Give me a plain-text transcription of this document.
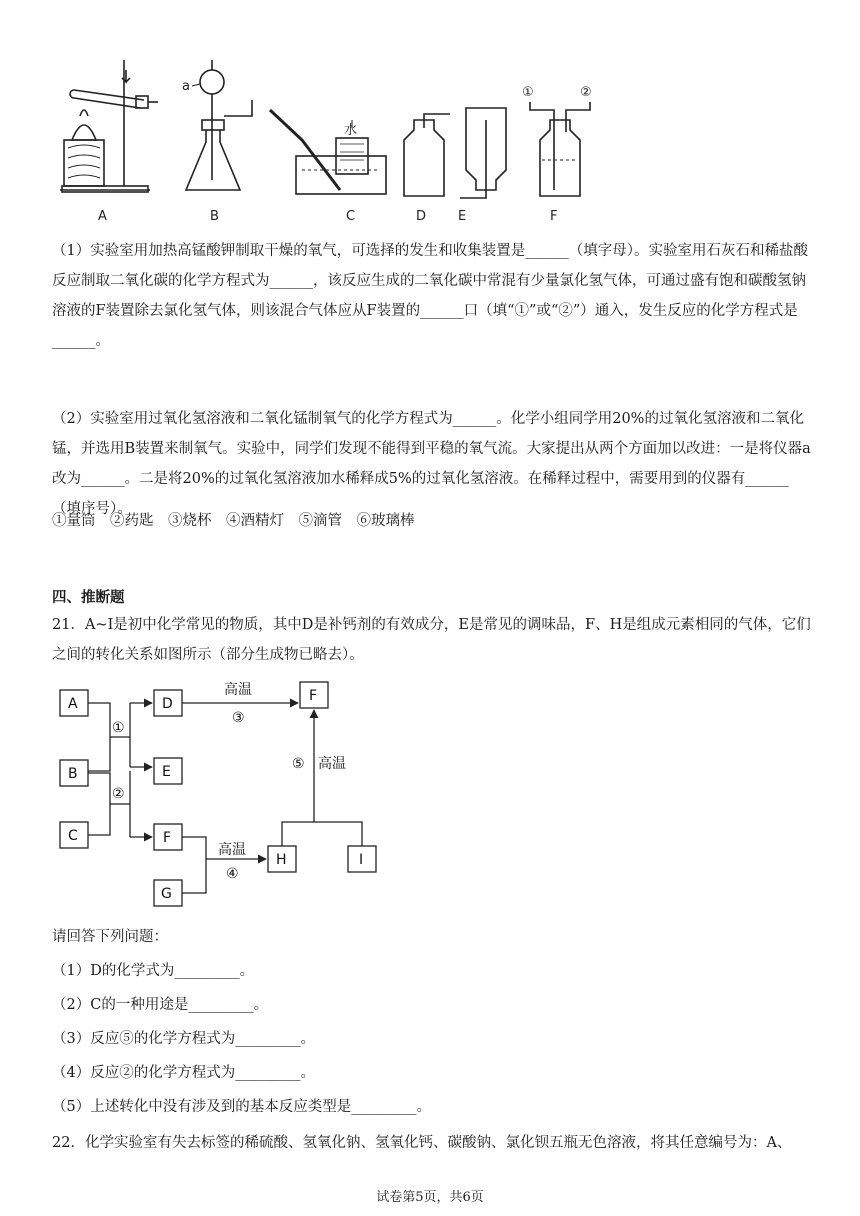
A
a
B
水
C	D E
①	②
F

（1）实验室用加热高锰酸钾制取干燥的氧气，可选择的发生和收集装置是______（填字母）。实验室用石灰石和稀盐酸反应制取二氧化碳的化学方程式为______，该反应生成的二氧化碳中常混有少量氯化氢气体，可通过盛有饱和碳酸氢钠溶液的F装置除去氯化氢气体，则该混合气体应从F装置的______口（填“①”或“②”）通入，发生反应的化学方程式是______。

（2）实验室用过氧化氢溶液和二氧化锰制氧气的化学方程式为______。化学小组同学用20%的过氧化氢溶液和二氧化锰，并选用B装置来制氧气。实验中，同学们发现不能得到平稳的氧气流。大家提出从两个方面加以改进：一是将仪器a改为______。二是将20%的过氧化氢溶液加水稀释成5%的过氧化氢溶液。在稀释过程中，需要用到的仪器有______（填序号）。

①量筒　②药匙　③烧杯　④酒精灯　⑤滴管　⑥玻璃棒

四、推断题

21．A~I是初中化学常见的物质，其中D是补钙剂的有效成分，E是常见的调味品，F、H是组成元素相同的气体，它们之间的转化关系如图所示（部分生成物已略去）。

A
B
C
D
E
F
F
G
H	I
①
②
高温
③
高温
④
⑤ 高温

请回答下列问题：

（1）D的化学式为_________。

（2）C的一种用途是_________。

（3）反应⑤的化学方程式为_________。

（4）反应②的化学方程式为_________。

（5）上述转化中没有涉及到的基本反应类型是_________。

22．化学实验室有失去标签的稀硫酸、氢氧化钠、氢氧化钙、碳酸钠、氯化钡五瓶无色溶液，将其任意编号为：A、

试卷第5页，共6页
